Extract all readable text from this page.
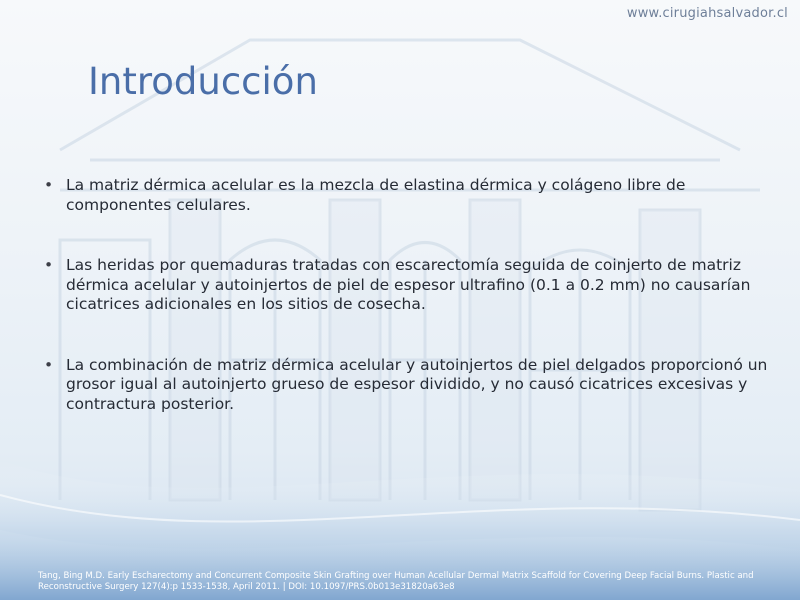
www.cirugiahsalvador.cl
Introducción
• La matriz dérmica acelular es la mezcla de elastina dérmica y colágeno libre de componentes celulares.
• Las heridas por quemaduras tratadas con escarectomía seguida de coinjerto de matriz dérmica acelular y autoinjertos de piel de espesor ultrafino (0.1 a 0.2 mm) no causarían cicatrices adicionales en los sitios de cosecha.
• La combinación de matriz dérmica acelular y autoinjertos de piel delgados proporcionó un grosor igual al autoinjerto grueso de espesor dividido, y no causó cicatrices excesivas y contractura posterior.
Tang, Bing M.D. Early Escharectomy and Concurrent Composite Skin Grafting over Human Acellular Dermal Matrix Scaffold for Covering Deep Facial Burns. Plastic and Reconstructive Surgery 127(4):p 1533-1538, April 2011. | DOI: 10.1097/PRS.0b013e31820a63e8
